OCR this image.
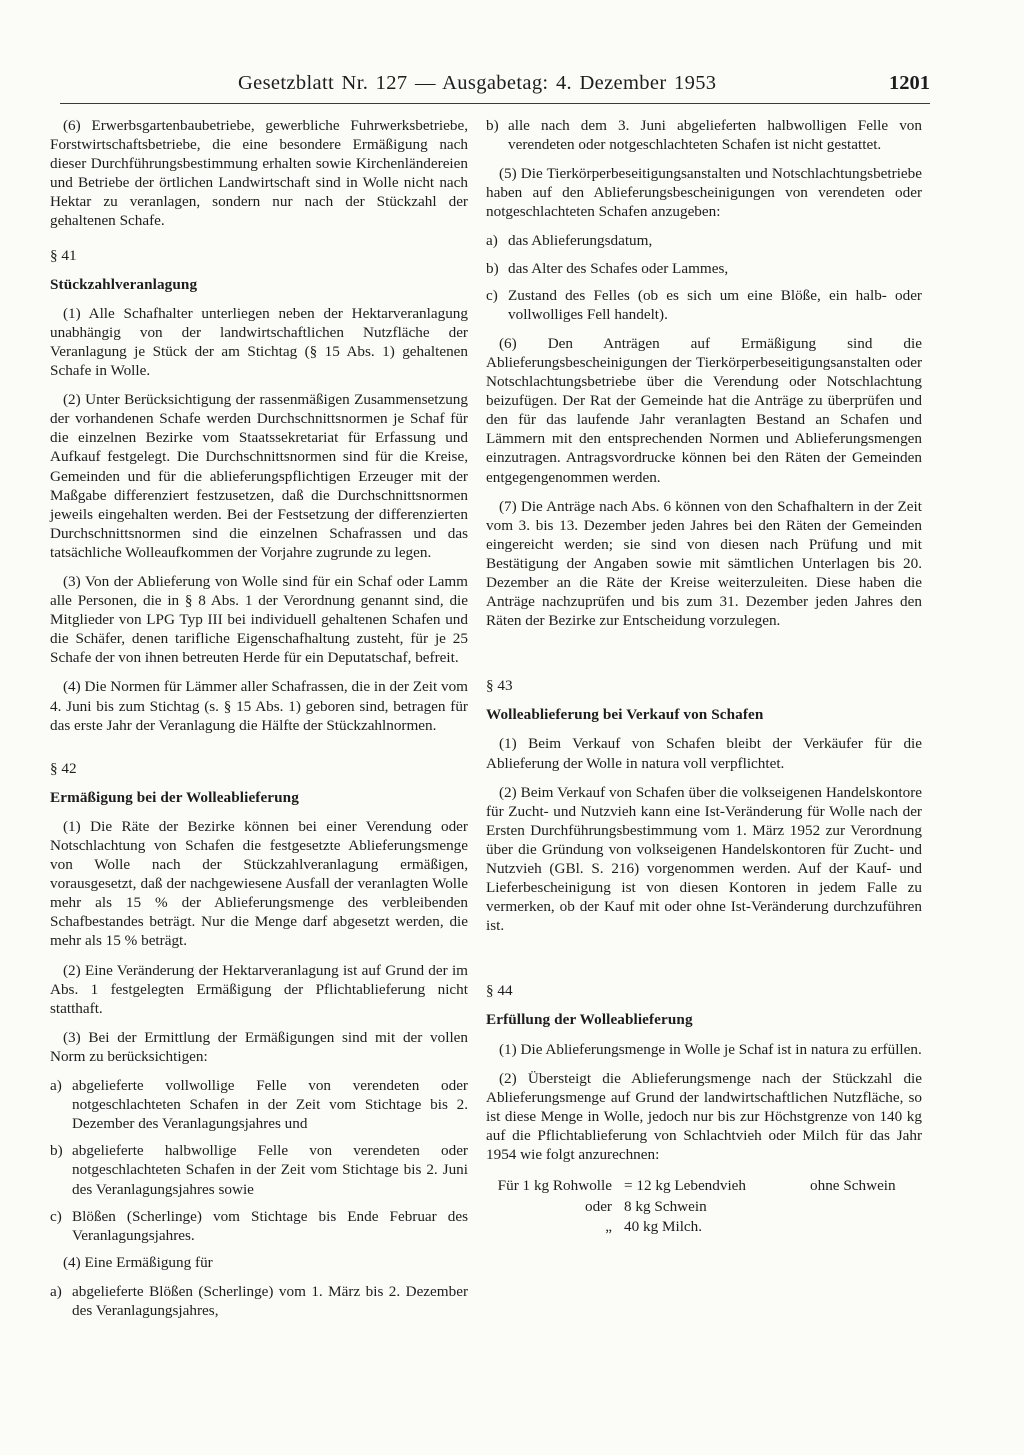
Gesetzblatt Nr. 127 — Ausgabetag: 4. Dezember 1953	1201

(6) Erwerbsgartenbaubetriebe, gewerbliche Fuhrwerksbetriebe, Forstwirtschaftsbetriebe, die eine besondere Ermäßigung nach dieser Durchführungsbestimmung erhalten sowie Kirchenländereien und Betriebe der örtlichen Landwirtschaft sind in Wolle nicht nach Hektar zu veranlagen, sondern nur nach der Stückzahl der gehaltenen Schafe.

§ 41

Stückzahlveranlagung

(1) Alle Schafhalter unterliegen neben der Hektarveranlagung unabhängig von der landwirtschaftlichen Nutzfläche der Veranlagung je Stück der am Stichtag (§ 15 Abs. 1) gehaltenen Schafe in Wolle.

(2) Unter Berücksichtigung der rassenmäßigen Zusammensetzung der vorhandenen Schafe werden Durchschnittsnormen je Schaf für die einzelnen Bezirke vom Staatssekretariat für Erfassung und Aufkauf festgelegt. Die Durchschnittsnormen sind für die Kreise, Gemeinden und für die ablieferungspflichtigen Erzeuger mit der Maßgabe differenziert festzusetzen, daß die Durchschnittsnormen jeweils eingehalten werden. Bei der Festsetzung der differenzierten Durchschnittsnormen sind die einzelnen Schafrassen und das tatsächliche Wolleaufkommen der Vorjahre zugrunde zu legen.

(3) Von der Ablieferung von Wolle sind für ein Schaf oder Lamm alle Personen, die in § 8 Abs. 1 der Verordnung genannt sind, die Mitglieder von LPG Typ III bei individuell gehaltenen Schafen und die Schäfer, denen tarifliche Eigenschafhaltung zusteht, für je 25 Schafe der von ihnen betreuten Herde für ein Deputatschaf, befreit.

(4) Die Normen für Lämmer aller Schafrassen, die in der Zeit vom 4. Juni bis zum Stichtag (s. § 15 Abs. 1) geboren sind, betragen für das erste Jahr der Veranlagung die Hälfte der Stückzahlnormen.

§ 42

Ermäßigung bei der Wolleablieferung

(1) Die Räte der Bezirke können bei einer Verendung oder Notschlachtung von Schafen die festgesetzte Ablieferungsmenge von Wolle nach der Stückzahlveranlagung ermäßigen, vorausgesetzt, daß der nachgewiesene Ausfall der veranlagten Wolle mehr als 15 % der Ablieferungsmenge des verbleibenden Schafbestandes beträgt. Nur die Menge darf abgesetzt werden, die mehr als 15 % beträgt.

(2) Eine Veränderung der Hektarveranlagung ist auf Grund der im Abs. 1 festgelegten Ermäßigung der Pflichtablieferung nicht statthaft.

(3) Bei der Ermittlung der Ermäßigungen sind mit der vollen Norm zu berücksichtigen:

a) abgelieferte vollwollige Felle von verendeten oder notgeschlachteten Schafen in der Zeit vom Stichtage bis 2. Dezember des Veranlagungsjahres und
b) abgelieferte halbwollige Felle von verendeten oder notgeschlachteten Schafen in der Zeit vom Stichtage bis 2. Juni des Veranlagungsjahres sowie
c) Blößen (Scherlinge) vom Stichtage bis Ende Februar des Veranlagungsjahres.

(4) Eine Ermäßigung für

a) abgelieferte Blößen (Scherlinge) vom 1. März bis 2. Dezember des Veranlagungsjahres,
b) alle nach dem 3. Juni abgelieferten halbwolligen Felle von verendeten oder notgeschlachteten Schafen ist nicht gestattet.

(5) Die Tierkörperbeseitigungsanstalten und Notschlachtungsbetriebe haben auf den Ablieferungsbescheinigungen von verendeten oder notgeschlachteten Schafen anzugeben:

a) das Ablieferungsdatum,
b) das Alter des Schafes oder Lammes,
c) Zustand des Felles (ob es sich um eine Blöße, ein halb- oder vollwolliges Fell handelt).

(6) Den Anträgen auf Ermäßigung sind die Ablieferungsbescheinigungen der Tierkörperbeseitigungsanstalten oder Notschlachtungsbetriebe über die Verendung oder Notschlachtung beizufügen. Der Rat der Gemeinde hat die Anträge zu überprüfen und den für das laufende Jahr veranlagten Bestand an Schafen und Lämmern mit den entsprechenden Normen und Ablieferungsmengen einzutragen. Antragsvordrucke können bei den Räten der Gemeinden entgegengenommen werden.

(7) Die Anträge nach Abs. 6 können von den Schafhaltern in der Zeit vom 3. bis 13. Dezember jeden Jahres bei den Räten der Gemeinden eingereicht werden; sie sind von diesen nach Prüfung und mit Bestätigung der Angaben sowie mit sämtlichen Unterlagen bis 20. Dezember an die Räte der Kreise weiterzuleiten. Diese haben die Anträge nachzuprüfen und bis zum 31. Dezember jeden Jahres den Räten der Bezirke zur Entscheidung vorzulegen.

§ 43

Wolleablieferung bei Verkauf von Schafen

(1) Beim Verkauf von Schafen bleibt der Verkäufer für die Ablieferung der Wolle in natura voll verpflichtet.

(2) Beim Verkauf von Schafen über die volkseigenen Handelskontore für Zucht- und Nutzvieh kann eine Ist-Veränderung für Wolle nach der Ersten Durchführungsbestimmung vom 1. März 1952 zur Verordnung über die Gründung von volkseigenen Handelskontoren für Zucht- und Nutzvieh (GBl. S. 216) vorgenommen werden. Auf der Kauf- und Lieferbescheinigung ist von diesen Kontoren in jedem Falle zu vermerken, ob der Kauf mit oder ohne Ist-Veränderung durchzuführen ist.

§ 44

Erfüllung der Wolleablieferung

(1) Die Ablieferungsmenge in Wolle je Schaf ist in natura zu erfüllen.

(2) Übersteigt die Ablieferungsmenge nach der Stückzahl die Ablieferungsmenge auf Grund der landwirtschaftlichen Nutzfläche, so ist diese Menge in Wolle, jedoch nur bis zur Höchstgrenze von 140 kg auf die Pflichtablieferung von Schlachtvieh oder Milch für das Jahr 1954 wie folgt anzurechnen:

Für 1 kg Rohwolle = 12 kg Lebendvieh	ohne Schwein
oder 8 kg Schwein
„ 40 kg Milch.
